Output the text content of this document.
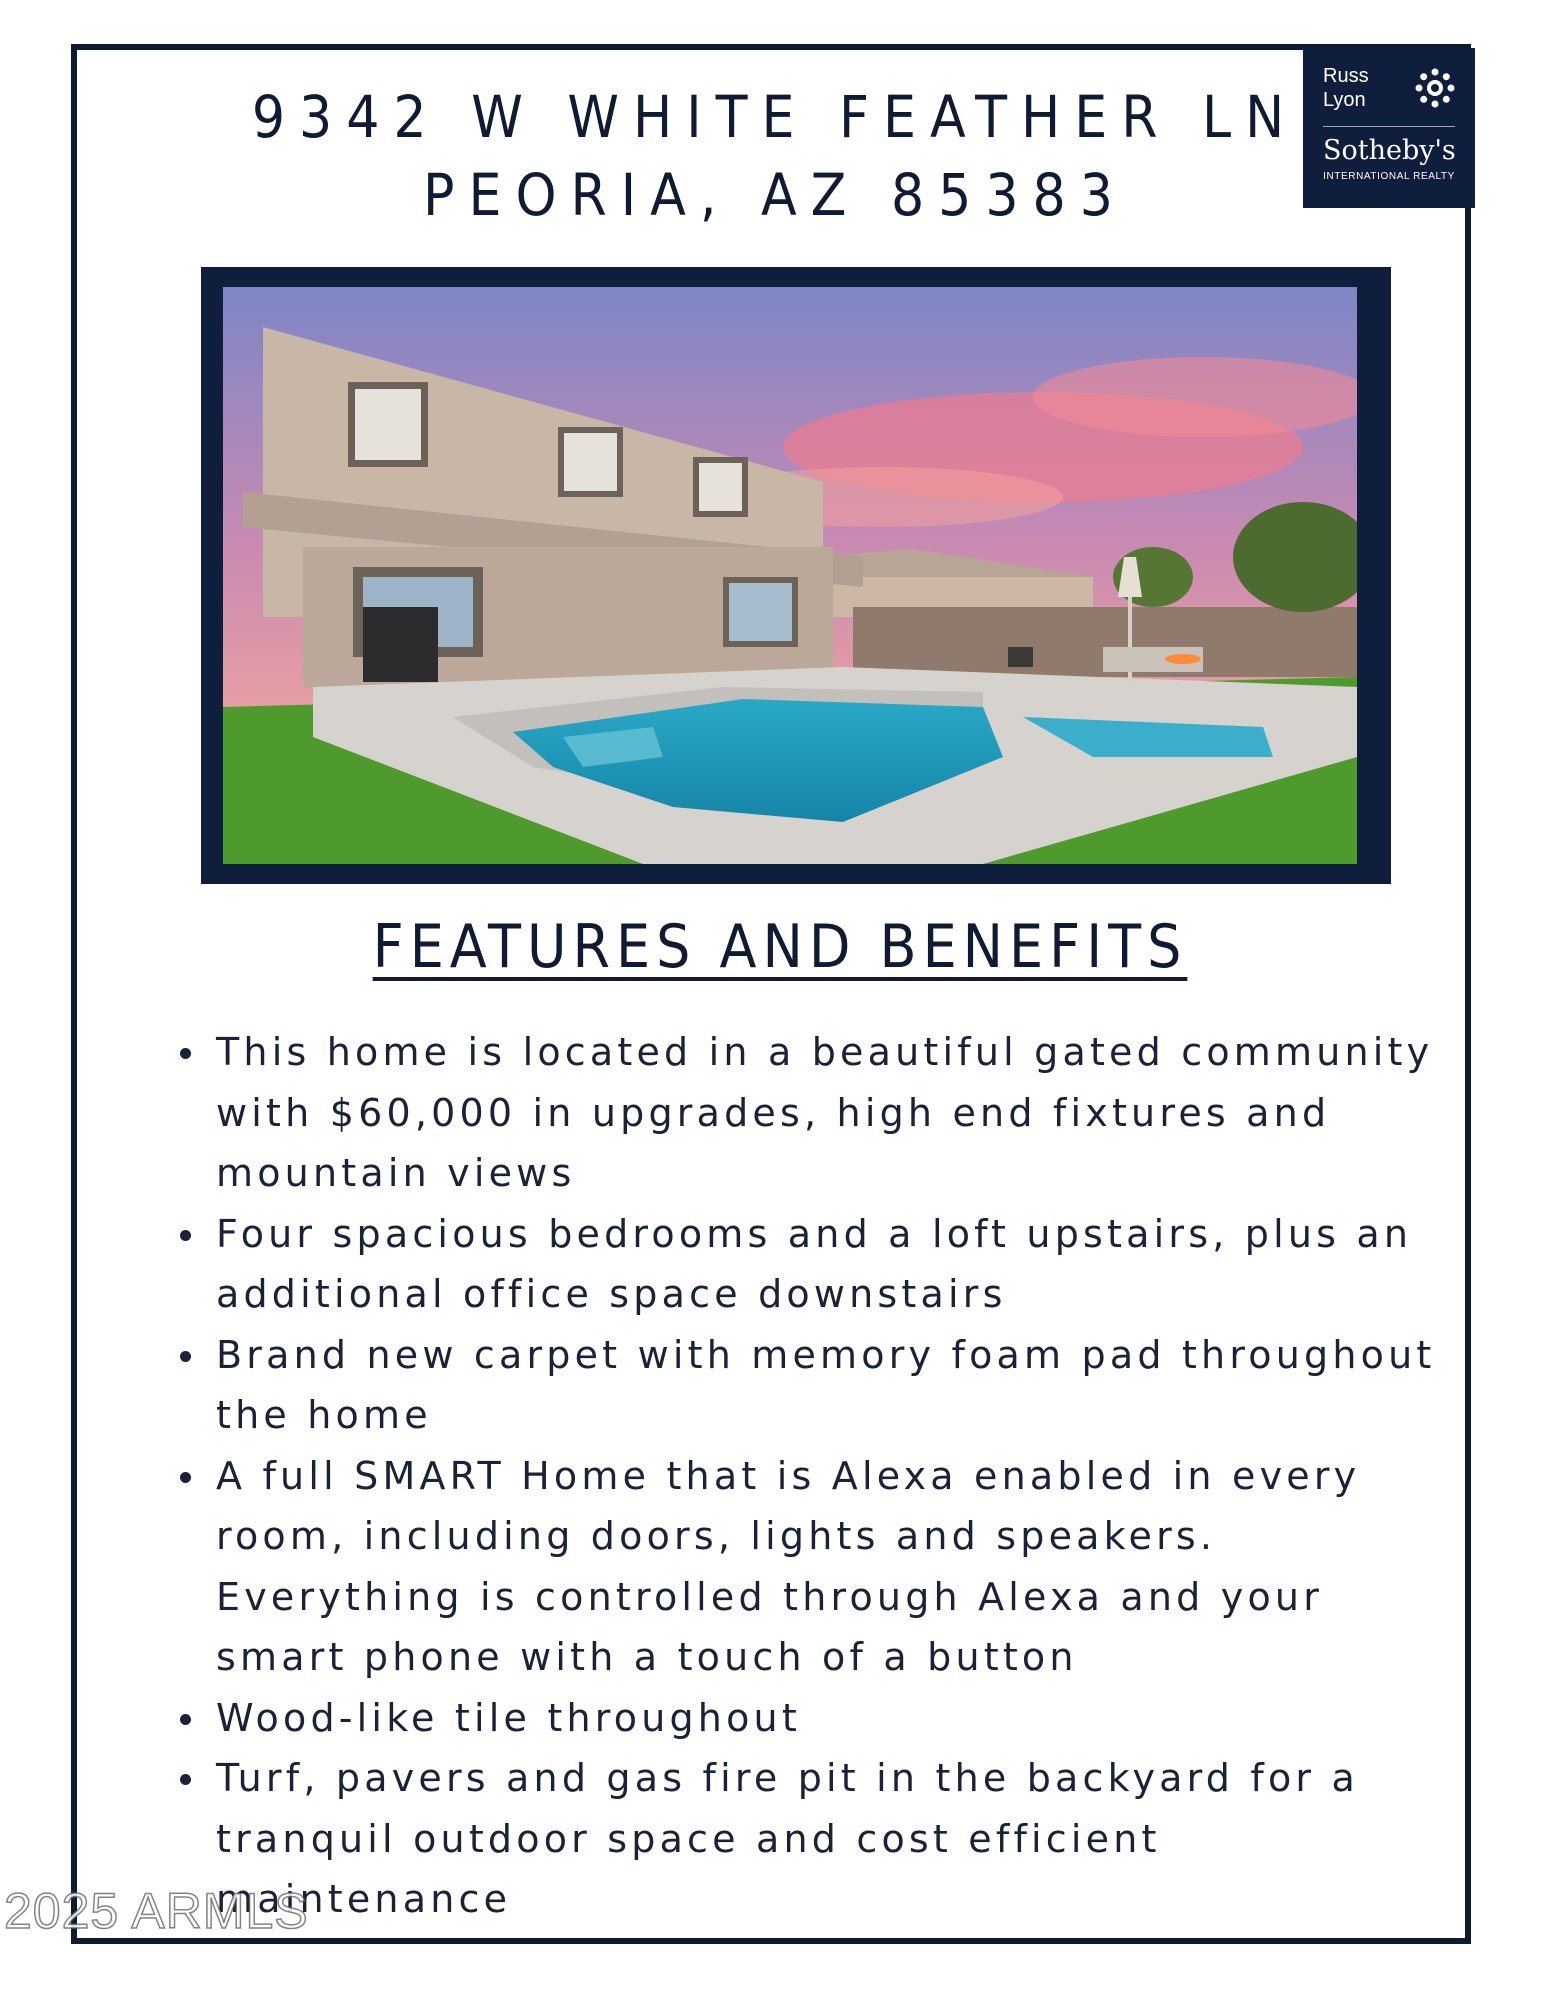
9342 W WHITE FEATHER LN
PEORIA, AZ 85383
Russ
Lyon
Sotheby's
INTERNATIONAL REALTY
FEATURES AND BENEFITS
This home is located in a beautiful gated community with $60,000 in upgrades, high end fixtures and mountain views
Four spacious bedrooms and a loft upstairs, plus an additional office space downstairs
Brand new carpet with memory foam pad throughout the home
A full SMART Home that is Alexa enabled in every room, including doors, lights and speakers. Everything is controlled through Alexa and your smart phone with a touch of a button
Wood-like tile throughout
Turf, pavers and gas fire pit in the backyard for a tranquil outdoor space and cost efficient maintenance
2025 ARMLS
